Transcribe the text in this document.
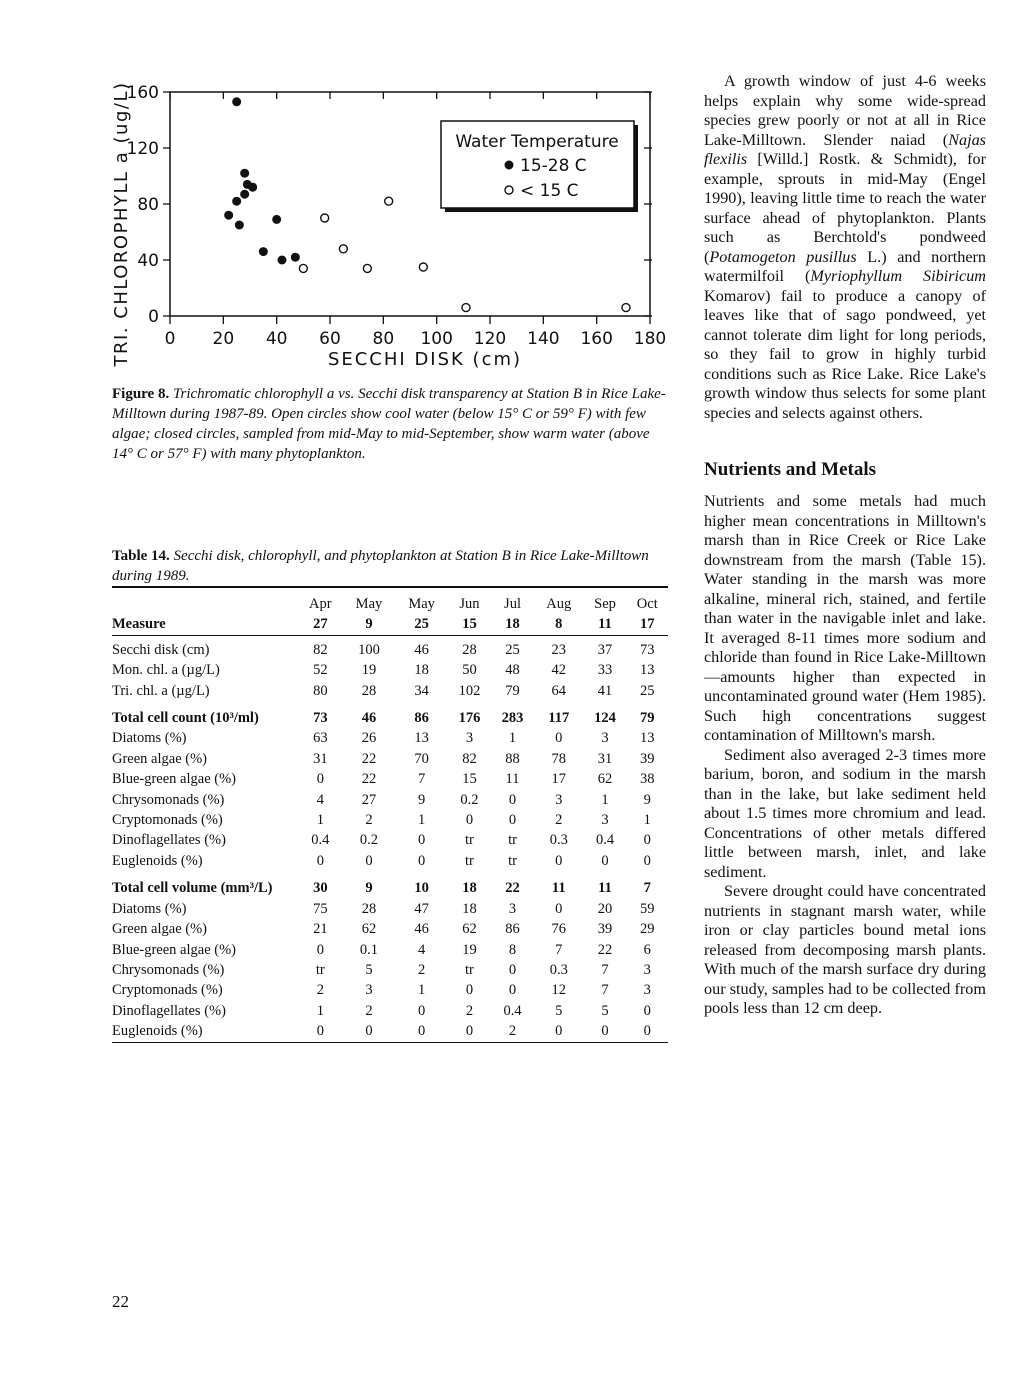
0 20 40 60 80 100 120 140 160 180
0
40
80
120
160
TRI. CHLOROPHYLL a (ug/L)	SECCHI DISK (cm)
Water Temperature
15-28 C
< 15 C

Figure 8. Trichromatic chlorophyll a vs. Secchi disk transparency at Station B in Rice Lake-Milltown during 1987-89. Open circles show cool water (below 15° C or 59° F) with few algae; closed circles, sampled from mid-May to mid-September, show warm water (above 14° C or 57° F) with many phytoplankton.

Table 14. Secchi disk, chlorophyll, and phytoplankton at Station B in Rice Lake-Milltown during 1989.

	Apr	May	May	Jun	Jul	Aug	Sep	Oct
Measure	27	9	25	15	18	8	11	17
Secchi disk (cm)	82	100	46	28	25	23	37	73
Mon. chl. a (µg/L)	52	19	18	50	48	42	33	13
Tri. chl. a (µg/L)	80	28	34	102	79	64	41	25
Total cell count (10³/ml)	73	46	86	176	283	117	124	79
Diatoms (%)	63	26	13	3	1	0	3	13
Green algae (%)	31	22	70	82	88	78	31	39
Blue-green algae (%)	0	22	7	15	11	17	62	38
Chrysomonads (%)	4	27	9	0.2	0	3	1	9
Cryptomonads (%)	1	2	1	0	0	2	3	1
Dinoflagellates (%)	0.4	0.2	0	tr	tr	0.3	0.4	0
Euglenoids (%)	0	0	0	tr	tr	0	0	0
Total cell volume (mm³/L)	30	9	10	18	22	11	11	7
Diatoms (%)	75	28	47	18	3	0	20	59
Green algae (%)	21	62	46	62	86	76	39	29
Blue-green algae (%)	0	0.1	4	19	8	7	22	6
Chrysomonads (%)	tr	5	2	tr	0	0.3	7	3
Cryptomonads (%)	2	3	1	0	0	12	7	3
Dinoflagellates (%)	1	2	0	2	0.4	5	5	0
Euglenoids (%)	0	0	0	0	2	0	0	0

A growth window of just 4-6 weeks helps explain why some wide-spread species grew poorly or not at all in Rice Lake-Milltown. Slender naiad (Najas flexilis [Willd.] Rostk. & Schmidt), for example, sprouts in mid-May (Engel 1990), leaving little time to reach the water surface ahead of phytoplankton. Plants such as Berchtold's pondweed (Potamogeton pusillus L.) and northern watermilfoil (Myriophyllum Sibiricum Komarov) fail to produce a canopy of leaves like that of sago pondweed, yet cannot tolerate dim light for long periods, so they fail to grow in highly turbid conditions such as Rice Lake. Rice Lake's growth window thus selects for some plant species and selects against others.

Nutrients and Metals

Nutrients and some metals had much higher mean concentrations in Milltown's marsh than in Rice Creek or Rice Lake downstream from the marsh (Table 15). Water standing in the marsh was more alkaline, mineral rich, stained, and fertile than water in the navigable inlet and lake. It averaged 8-11 times more sodium and chloride than found in Rice Lake-Milltown—amounts higher than expected in uncontaminated ground water (Hem 1985). Such high concentrations suggest contamination of Milltown's marsh.

Sediment also averaged 2-3 times more barium, boron, and sodium in the marsh than in the lake, but lake sediment held about 1.5 times more chromium and lead. Concentrations of other metals differed little between marsh, inlet, and lake sediment.

Severe drought could have concentrated nutrients in stagnant marsh water, while iron or clay particles bound metal ions released from decomposing marsh plants. With much of the marsh surface dry during our study, samples had to be collected from pools less than 12 cm deep.

22
